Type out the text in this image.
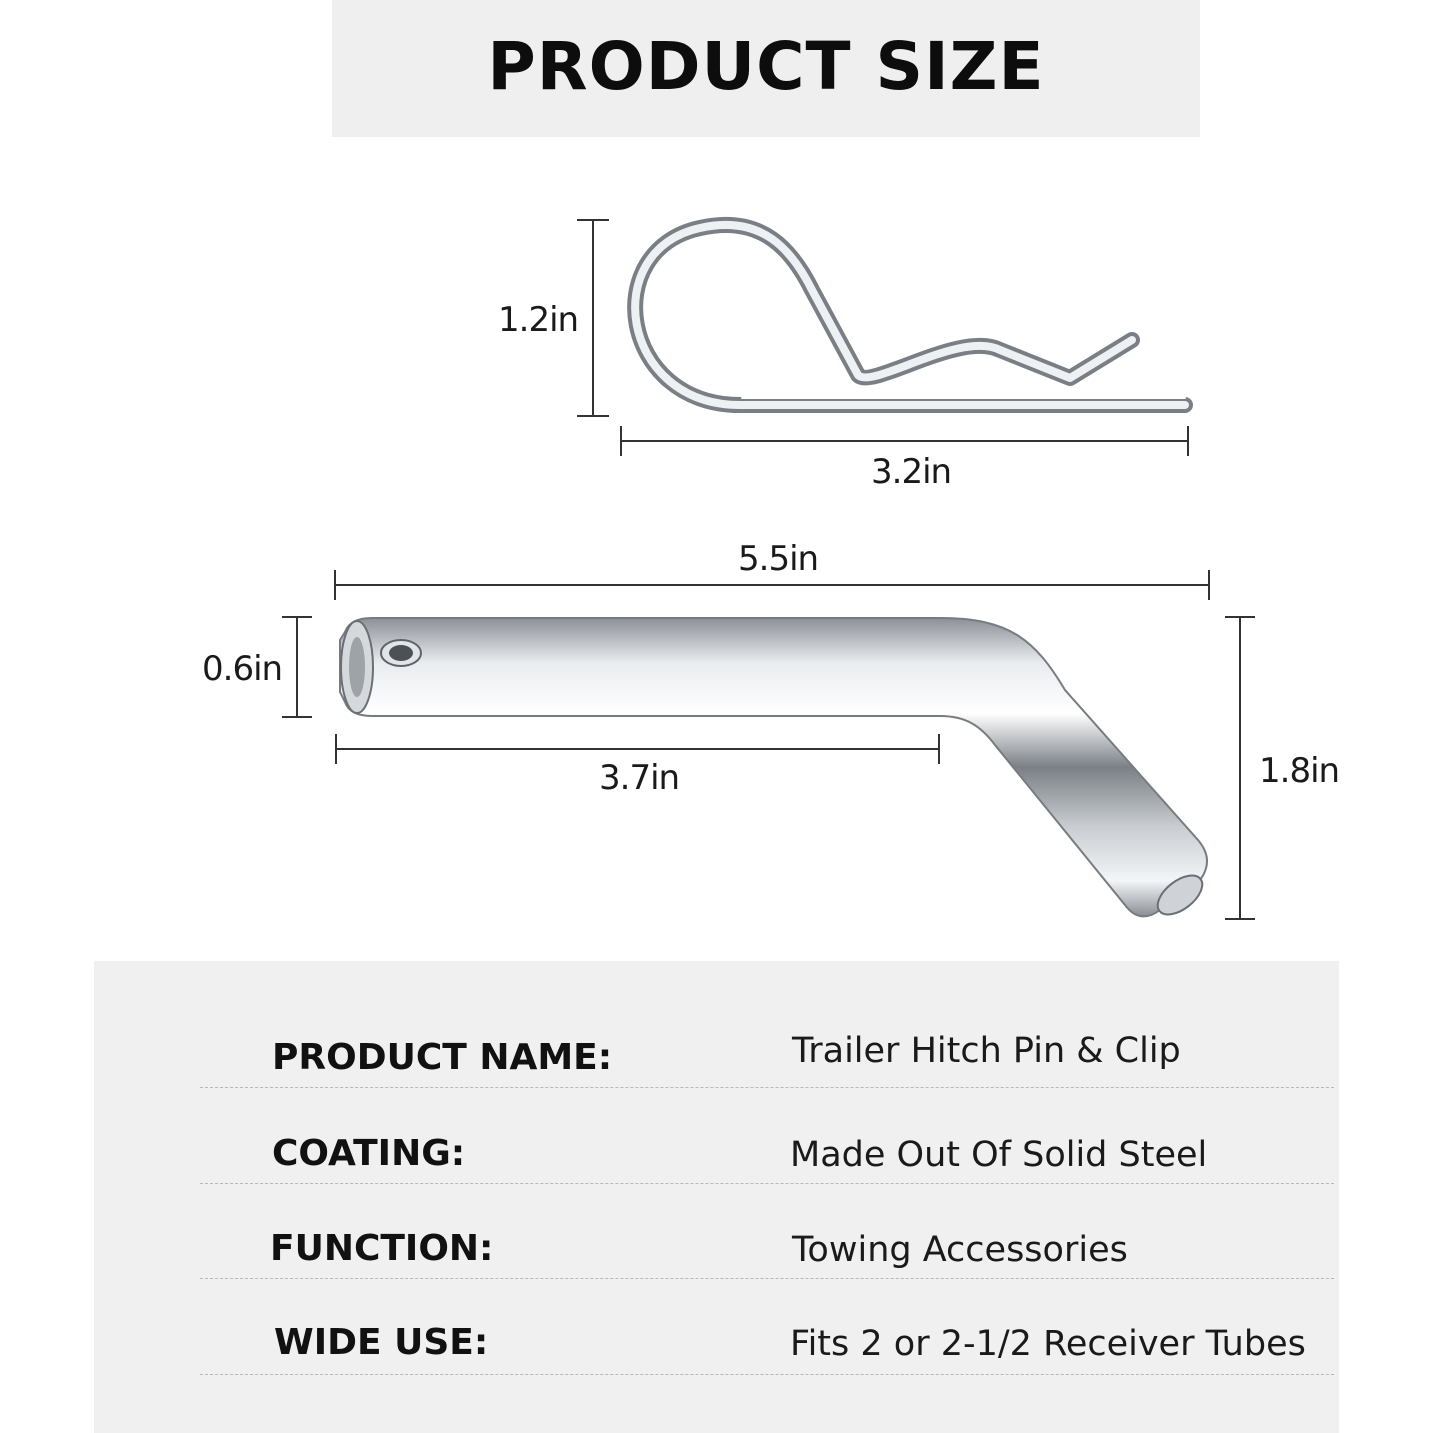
PRODUCT SIZE
1.2in
3.2in
5.5in
0.6in
3.7in	1.8in
PRODUCT NAME:	Trailer Hitch Pin & Clip
COATING:	Made Out Of Solid Steel
FUNCTION:	Towing Accessories
WIDE USE:	Fits 2 or 2-1/2 Receiver Tubes
